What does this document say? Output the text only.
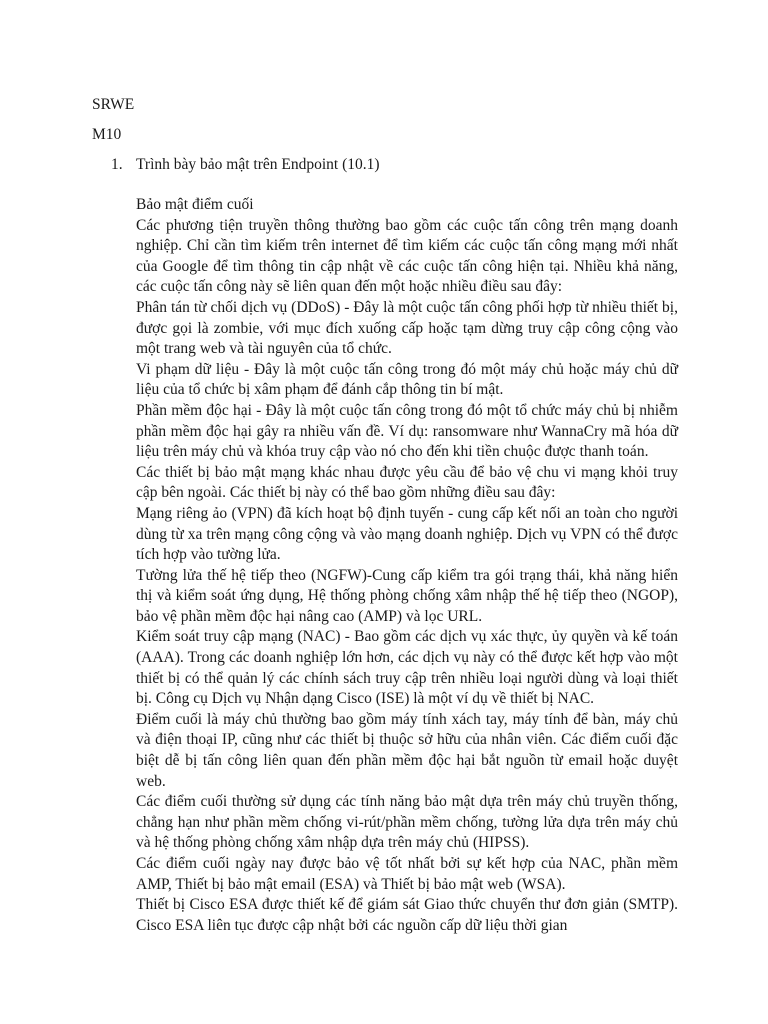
SRWE
M10
1. Trình bày bảo mật trên Endpoint (10.1)

Bảo mật điểm cuối

Các phương tiện truyền thông thường bao gồm các cuộc tấn công trên mạng doanh nghiệp. Chỉ cần tìm kiếm trên internet để tìm kiếm các cuộc tấn công mạng mới nhất của Google để tìm thông tin cập nhật về các cuộc tấn công hiện tại. Nhiều khả năng, các cuộc tấn công này sẽ liên quan đến một hoặc nhiều điều sau đây:

Phân tán từ chối dịch vụ (DDoS) - Đây là một cuộc tấn công phối hợp từ nhiều thiết bị, được gọi là zombie, với mục đích xuống cấp hoặc tạm dừng truy cập công cộng vào một trang web và tài nguyên của tổ chức.

Vi phạm dữ liệu - Đây là một cuộc tấn công trong đó một máy chủ hoặc máy chủ dữ liệu của tổ chức bị xâm phạm để đánh cắp thông tin bí mật.

Phần mềm độc hại - Đây là một cuộc tấn công trong đó một tổ chức máy chủ bị nhiễm phần mềm độc hại gây ra nhiều vấn đề. Ví dụ: ransomware như WannaCry mã hóa dữ liệu trên máy chủ và khóa truy cập vào nó cho đến khi tiền chuộc được thanh toán.

Các thiết bị bảo mật mạng khác nhau được yêu cầu để bảo vệ chu vi mạng khỏi truy cập bên ngoài. Các thiết bị này có thể bao gồm những điều sau đây:

Mạng riêng ảo (VPN) đã kích hoạt bộ định tuyến - cung cấp kết nối an toàn cho người dùng từ xa trên mạng công cộng và vào mạng doanh nghiệp. Dịch vụ VPN có thể được tích hợp vào tường lửa.

Tường lửa thế hệ tiếp theo (NGFW)-Cung cấp kiểm tra gói trạng thái, khả năng hiển thị và kiểm soát ứng dụng, Hệ thống phòng chống xâm nhập thế hệ tiếp theo (NGOP), bảo vệ phần mềm độc hại nâng cao (AMP) và lọc URL.

Kiểm soát truy cập mạng (NAC) - Bao gồm các dịch vụ xác thực, ủy quyền và kế toán (AAA). Trong các doanh nghiệp lớn hơn, các dịch vụ này có thể được kết hợp vào một thiết bị có thể quản lý các chính sách truy cập trên nhiều loại người dùng và loại thiết bị. Công cụ Dịch vụ Nhận dạng Cisco (ISE) là một ví dụ về thiết bị NAC.

Điểm cuối là máy chủ thường bao gồm máy tính xách tay, máy tính để bàn, máy chủ và điện thoại IP, cũng như các thiết bị thuộc sở hữu của nhân viên. Các điểm cuối đặc biệt dễ bị tấn công liên quan đến phần mềm độc hại bắt nguồn từ email hoặc duyệt web.

Các điểm cuối thường sử dụng các tính năng bảo mật dựa trên máy chủ truyền thống, chẳng hạn như phần mềm chống vi-rút/phần mềm chống, tường lửa dựa trên máy chủ và hệ thống phòng chống xâm nhập dựa trên máy chủ (HIPSS).

Các điểm cuối ngày nay được bảo vệ tốt nhất bởi sự kết hợp của NAC, phần mềm AMP, Thiết bị bảo mật email (ESA) và Thiết bị bảo mật web (WSA).

Thiết bị Cisco ESA được thiết kế để giám sát Giao thức chuyển thư đơn giản (SMTP). Cisco ESA liên tục được cập nhật bởi các nguồn cấp dữ liệu thời gian
